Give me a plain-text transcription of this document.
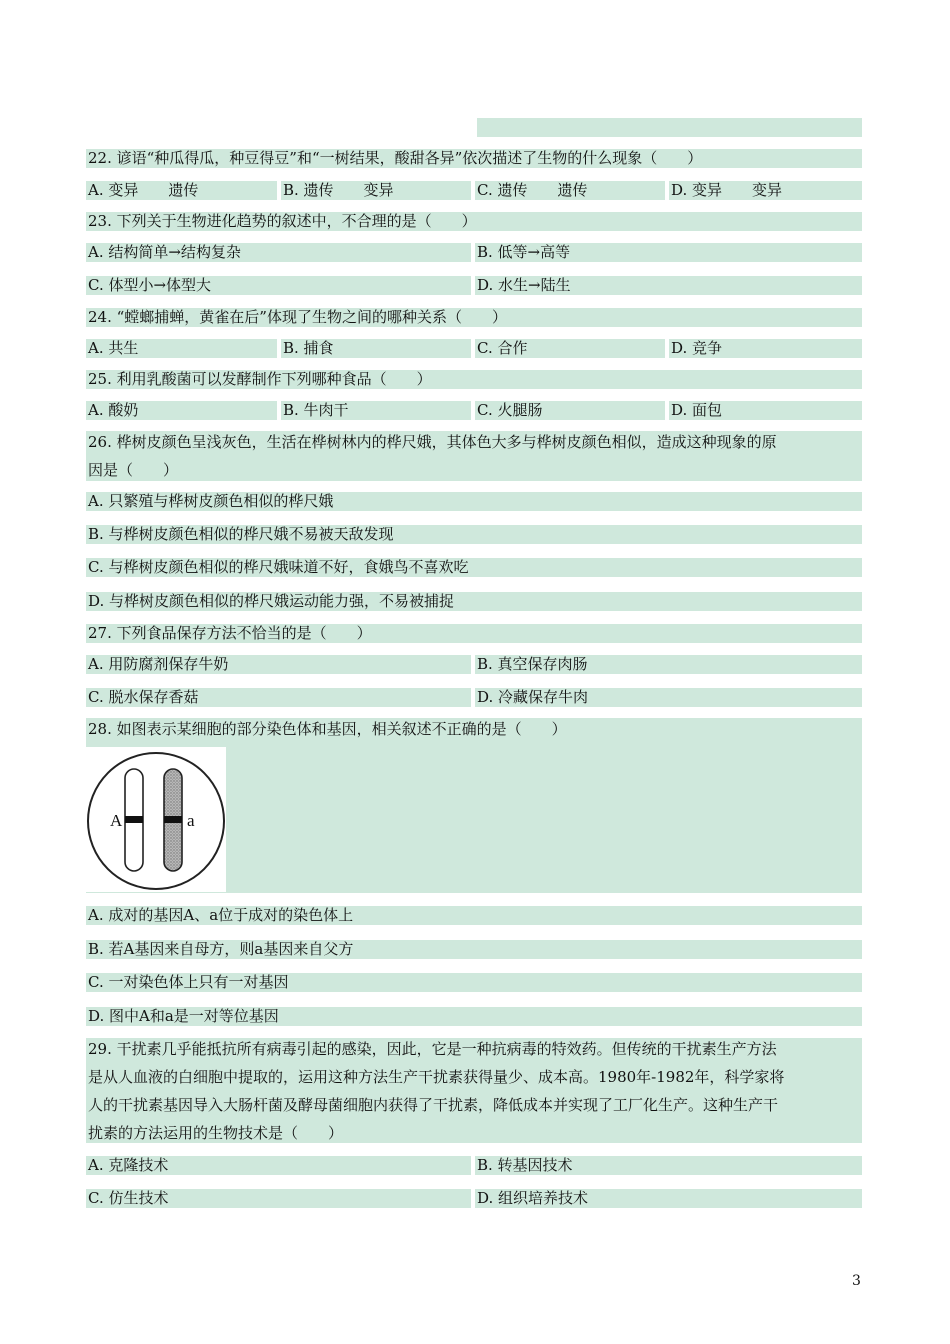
22. 谚语“种瓜得瓜，种豆得豆”和“一树结果，酸甜各异”依次描述了生物的什么现象（　　）
A. 变异　　遗传	B. 遗传　　变异	C. 遗传　　遗传	D. 变异　　变异
23. 下列关于生物进化趋势的叙述中，不合理的是（　　）
A. 结构简单→结构复杂	B. 低等→高等
C. 体型小→体型大	D. 水生→陆生
24. “螳螂捕蝉，黄雀在后”体现了生物之间的哪种关系（　　）
A. 共生	B. 捕食	C. 合作	D. 竞争
25. 利用乳酸菌可以发酵制作下列哪种食品（　　）
A. 酸奶	B. 牛肉干	C. 火腿肠	D. 面包
26. 桦树皮颜色呈浅灰色，生活在桦树林内的桦尺娥，其体色大多与桦树皮颜色相似，造成这种现象的原
因是（　　）
A. 只繁殖与桦树皮颜色相似的桦尺娥
B. 与桦树皮颜色相似的桦尺娥不易被天敌发现
C. 与桦树皮颜色相似的桦尺娥味道不好，食娥鸟不喜欢吃
D. 与桦树皮颜色相似的桦尺娥运动能力强，不易被捕捉
27. 下列食品保存方法不恰当的是（　　）
A. 用防腐剂保存牛奶	B. 真空保存肉肠
C. 脱水保存香菇	D. 冷藏保存牛肉
28. 如图表示某细胞的部分染色体和基因，相关叙述不正确的是（　　）
A	a
A. 成对的基因A、a位于成对的染色体上
B. 若A基因来自母方，则a基因来自父方
C. 一对染色体上只有一对基因
D. 图中A和a是一对等位基因
29. 干扰素几乎能抵抗所有病毒引起的感染，因此，它是一种抗病毒的特效药。但传统的干扰素生产方法
是从人血液的白细胞中提取的，运用这种方法生产干扰素获得量少、成本高。1980年-1982年，科学家将
人的干扰素基因导入大肠杆菌及酵母菌细胞内获得了干扰素，降低成本并实现了工厂化生产。这种生产干
扰素的方法运用的生物技术是（　　）
A. 克隆技术	B. 转基因技术
C. 仿生技术	D. 组织培养技术
3
